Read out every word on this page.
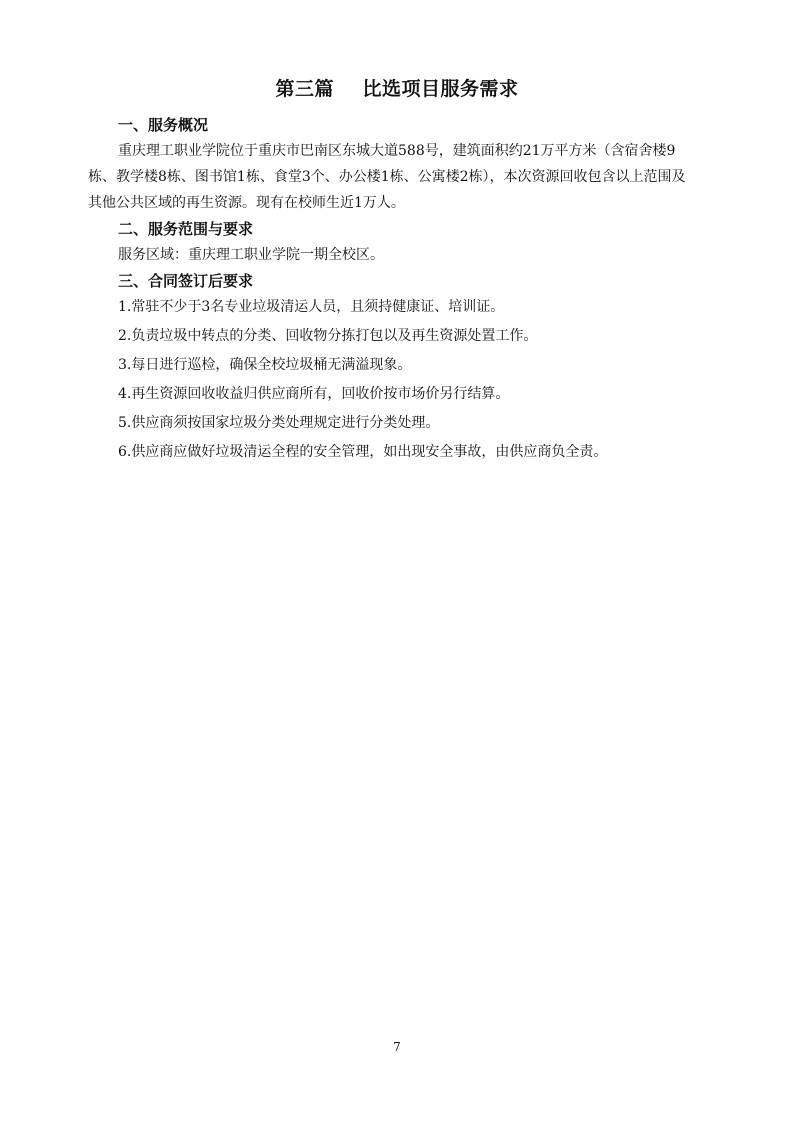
第三篇    比选项目服务需求
一、服务概况

重庆理工职业学院位于重庆市巴南区东城大道588号，建筑面积约21万平方米（含宿舍楼9栋、教学楼8栋、图书馆1栋、食堂3个、办公楼1栋、公寓楼2栋），本次资源回收包含以上范围及其他公共区域的再生资源。现有在校师生近1万人。

二、服务范围与要求

服务区域：重庆理工职业学院一期全校区。

三、合同签订后要求

1.常驻不少于3名专业垃圾清运人员，且须持健康证、培训证。

2.负责垃圾中转点的分类、回收物分拣打包以及再生资源处置工作。

3.每日进行巡检，确保全校垃圾桶无满溢现象。

4.再生资源回收收益归供应商所有，回收价按市场价另行结算。

5.供应商须按国家垃圾分类处理规定进行分类处理。

6.供应商应做好垃圾清运全程的安全管理，如出现安全事故，由供应商负全责。

7
